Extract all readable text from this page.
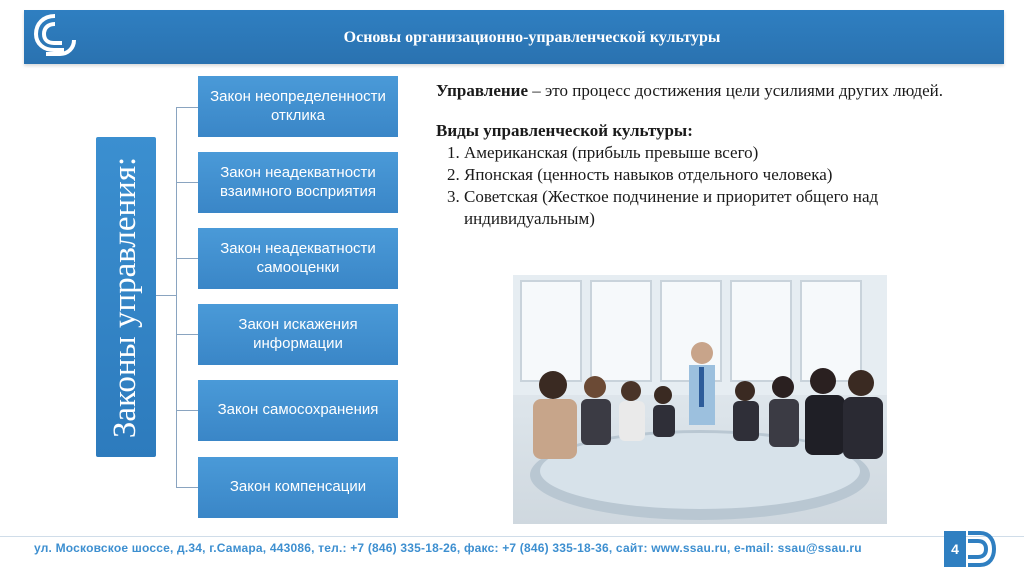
Основы организационно-управленческой культуры
Законы управления:
Закон неопределенности отклика
Закон неадекватности взаимного восприятия
Закон неадекватности самооценки
Закон искажения информации
Закон самосохранения
Закон компенсации

Управление – это процесс достижения цели усилиями других людей.

Виды управленческой культуры:

1. Американская (прибыль превыше всего)
2. Японская (ценность навыков отдельного человека)
3. Советская (Жесткое подчинение и приоритет общего над индивидуальным)
ул. Московское шоссе, д.34, г.Самара, 443086, тел.: +7 (846) 335-18-26, факс: +7 (846) 335-18-36, сайт: www.ssau.ru, e-mail: ssau@ssau.ru	4
